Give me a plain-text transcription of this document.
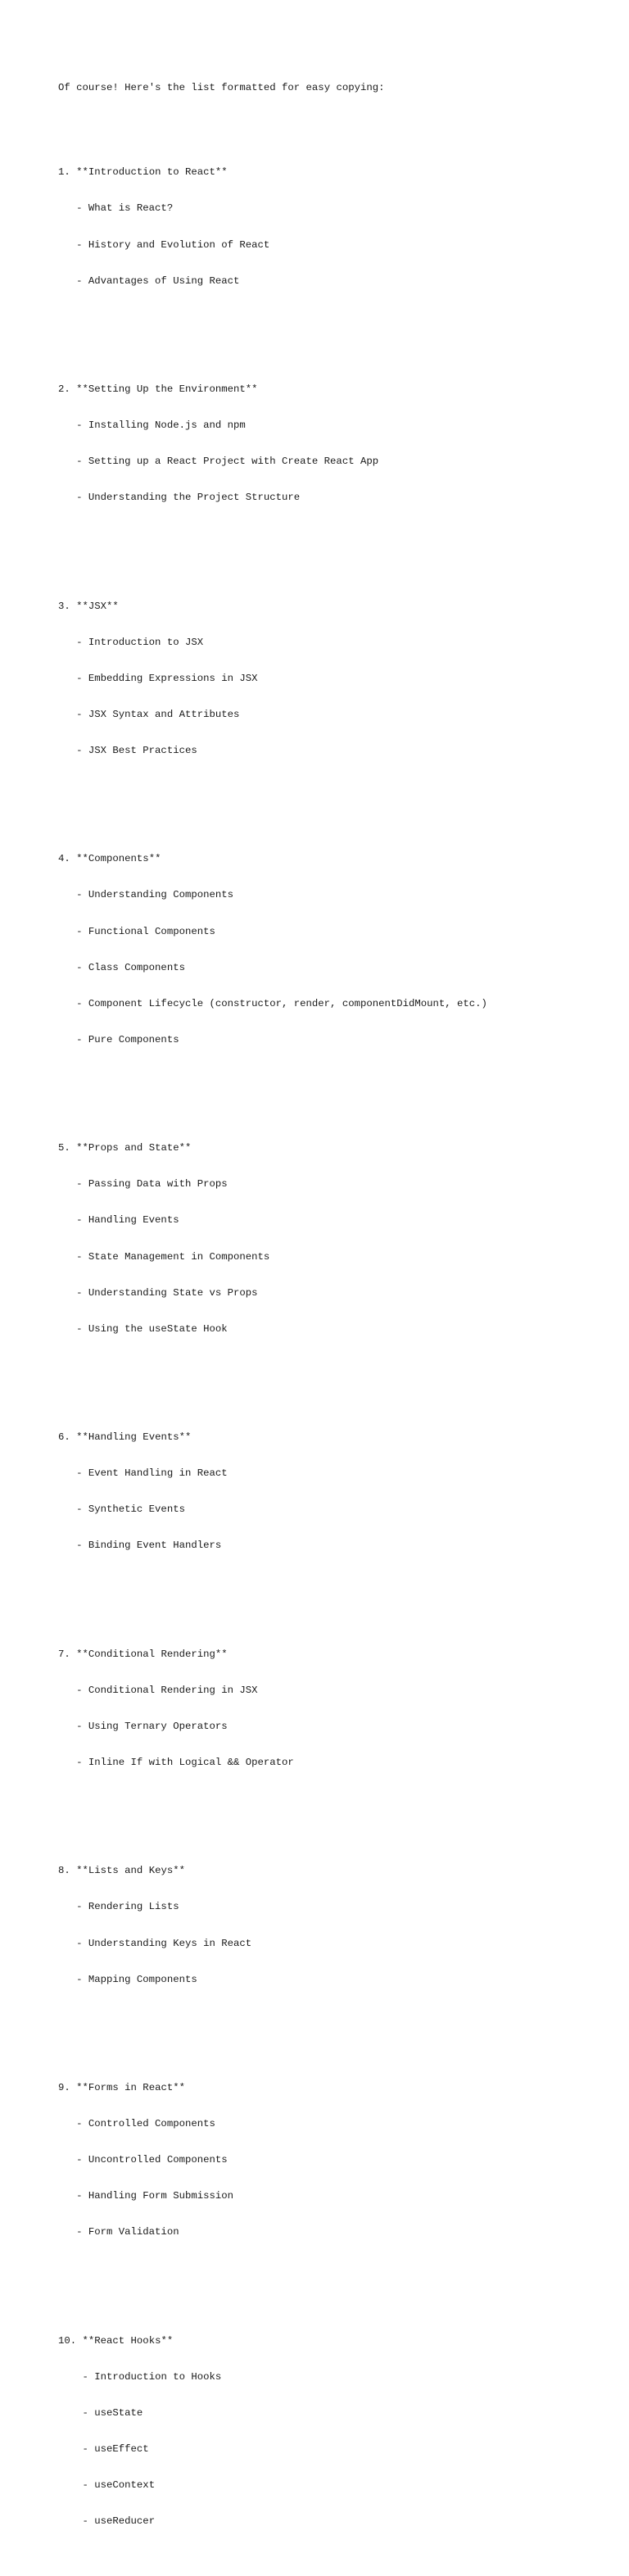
Of course! Here's the list formatted for easy copying:

1. **Introduction to React**

- What is React?

- History and Evolution of React

- Advantages of Using React

2. **Setting Up the Environment**

- Installing Node.js and npm

- Setting up a React Project with Create React App

- Understanding the Project Structure

3. **JSX**

- Introduction to JSX

- Embedding Expressions in JSX

- JSX Syntax and Attributes

- JSX Best Practices

4. **Components**

- Understanding Components

- Functional Components

- Class Components

- Component Lifecycle (constructor, render, componentDidMount, etc.)

- Pure Components

5. **Props and State**

- Passing Data with Props

- Handling Events

- State Management in Components

- Understanding State vs Props

- Using the useState Hook

6. **Handling Events**

- Event Handling in React

- Synthetic Events

- Binding Event Handlers

7. **Conditional Rendering**

- Conditional Rendering in JSX

- Using Ternary Operators

- Inline If with Logical && Operator

8. **Lists and Keys**

- Rendering Lists

- Understanding Keys in React

- Mapping Components

9. **Forms in React**

- Controlled Components

- Uncontrolled Components

- Handling Form Submission

- Form Validation

10. **React Hooks**

- Introduction to Hooks

- useState

- useEffect

- useContext

- useReducer
